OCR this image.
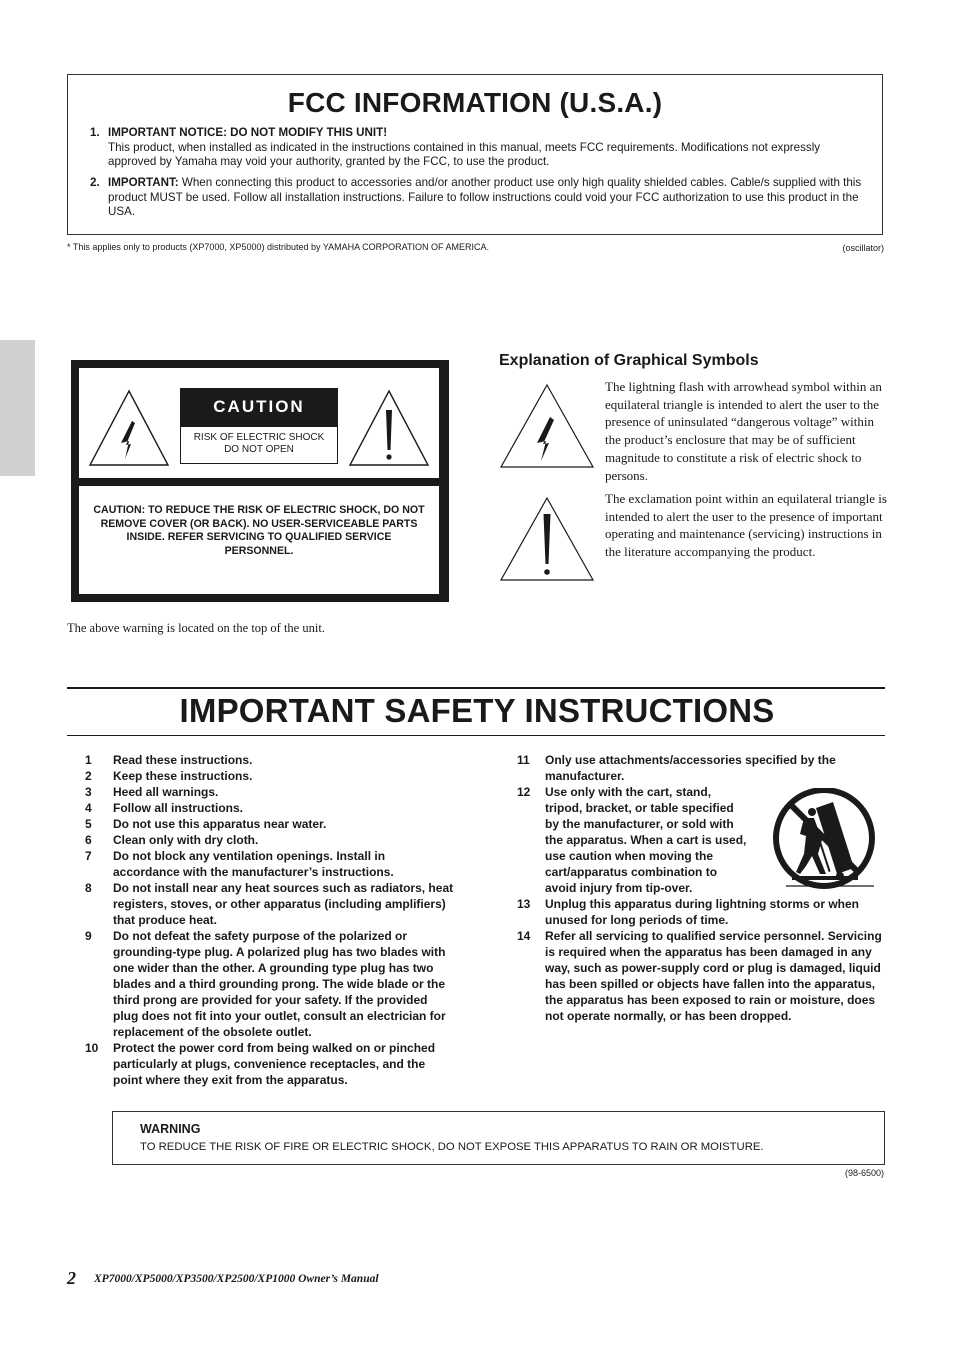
FCC INFORMATION (U.S.A.)
1. IMPORTANT NOTICE: DO NOT MODIFY THIS UNIT!
This product, when installed as indicated in the instructions contained in this manual, meets FCC requirements. Modifications not expressly approved by Yamaha may void your authority, granted by the FCC, to use the product.
2. IMPORTANT: When connecting this product to accessories and/or another product use only high quality shielded cables. Cable/s supplied with this product MUST be used. Follow all installation instructions. Failure to follow instructions could void your FCC authorization to use this product in the USA.
* This applies only to products (XP7000, XP5000) distributed by YAMAHA CORPORATION OF AMERICA.	(oscillator)
CAUTION
RISK OF ELECTRIC SHOCK
DO NOT OPEN
CAUTION: TO REDUCE THE RISK OF ELECTRIC SHOCK, DO NOT REMOVE COVER (OR BACK). NO USER-SERVICEABLE PARTS INSIDE. REFER SERVICING TO QUALIFIED SERVICE PERSONNEL.
The above warning is located on the top of the unit.
Explanation of Graphical Symbols
The lightning flash with arrowhead symbol within an equilateral triangle is intended to alert the user to the presence of uninsulated “dangerous voltage” within the product’s enclosure that may be of sufficient magnitude to constitute a risk of electric shock to persons.
The exclamation point within an equilateral triangle is intended to alert the user to the presence of important operating and maintenance (servicing) instructions in the literature accompanying the product.
IMPORTANT SAFETY INSTRUCTIONS
1 Read these instructions.
2 Keep these instructions.
3 Heed all warnings.
4 Follow all instructions.
5 Do not use this apparatus near water.
6 Clean only with dry cloth.
7 Do not block any ventilation openings. Install in accordance with the manufacturer’s instructions.
8 Do not install near any heat sources such as radiators, heat registers, stoves, or other apparatus (including amplifiers) that produce heat.
9 Do not defeat the safety purpose of the polarized or grounding-type plug. A polarized plug has two blades with one wider than the other. A grounding type plug has two blades and a third grounding prong. The wide blade or the third prong are provided for your safety. If the provided plug does not fit into your outlet, consult an electrician for replacement of the obsolete outlet.
10 Protect the power cord from being walked on or pinched particularly at plugs, convenience receptacles, and the point where they exit from the apparatus.
11 Only use attachments/accessories specified by the manufacturer.
12 Use only with the cart, stand, tripod, bracket, or table specified by the manufacturer, or sold with the apparatus. When a cart is used, use caution when moving the cart/apparatus combination to avoid injury from tip-over.
13 Unplug this apparatus during lightning storms or when unused for long periods of time.
14 Refer all servicing to qualified service personnel. Servicing is required when the apparatus has been damaged in any way, such as power-supply cord or plug is damaged, liquid has been spilled or objects have fallen into the apparatus, the apparatus has been exposed to rain or moisture, does not operate normally, or has been dropped.
WARNING
TO REDUCE THE RISK OF FIRE OR ELECTRIC SHOCK, DO NOT EXPOSE THIS APPARATUS TO RAIN OR MOISTURE.
(98-6500)
2 XP7000/XP5000/XP3500/XP2500/XP1000 Owner’s Manual
